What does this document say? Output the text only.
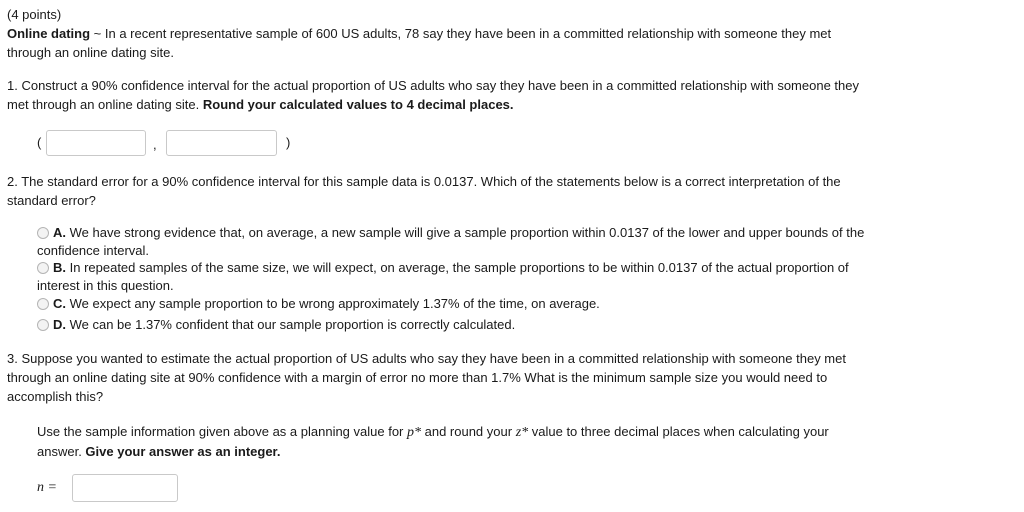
(4 points)
Online dating ~ In a recent representative sample of 600 US adults, 78 say they have been in a committed relationship with someone they met
through an online dating site.
1. Construct a 90% confidence interval for the actual proportion of US adults who say they have been in a committed relationship with someone they
met through an online dating site. Round your calculated values to 4 decimal places.
(	,	)
2. The standard error for a 90% confidence interval for this sample data is 0.0137. Which of the statements below is a correct interpretation of the
standard error?
A. We have strong evidence that, on average, a new sample will give a sample proportion within 0.0137 of the lower and upper bounds of the
confidence interval.
B. In repeated samples of the same size, we will expect, on average, the sample proportions to be within 0.0137 of the actual proportion of
interest in this question.
C. We expect any sample proportion to be wrong approximately 1.37% of the time, on average.
D. We can be 1.37% confident that our sample proportion is correctly calculated.
3. Suppose you wanted to estimate the actual proportion of US adults who say they have been in a committed relationship with someone they met
through an online dating site at 90% confidence with a margin of error no more than 1.7% What is the minimum sample size you would need to
accomplish this?
Use the sample information given above as a planning value for p* and round your z* value to three decimal places when calculating your
answer. Give your answer as an integer.
n =
